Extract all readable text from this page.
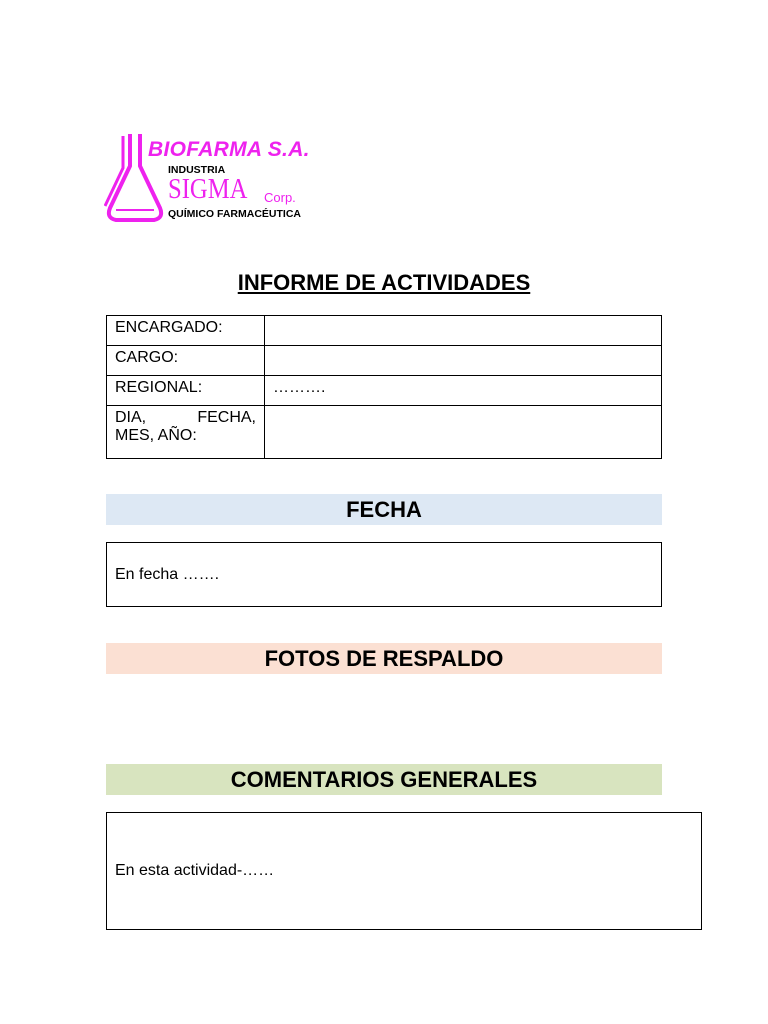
BIOFARMA S.A.
INDUSTRIA
SIGMA Corp.
QUÍMICO FARMACÉUTICA
INFORME DE ACTIVIDADES
ENCARGADO:	
CARGO:	
REGIONAL:	……….

DIA, FECHA,
MES, AÑO:	

FECHA
En fecha …….
FOTOS DE RESPALDO
COMENTARIOS GENERALES
En esta actividad-……
